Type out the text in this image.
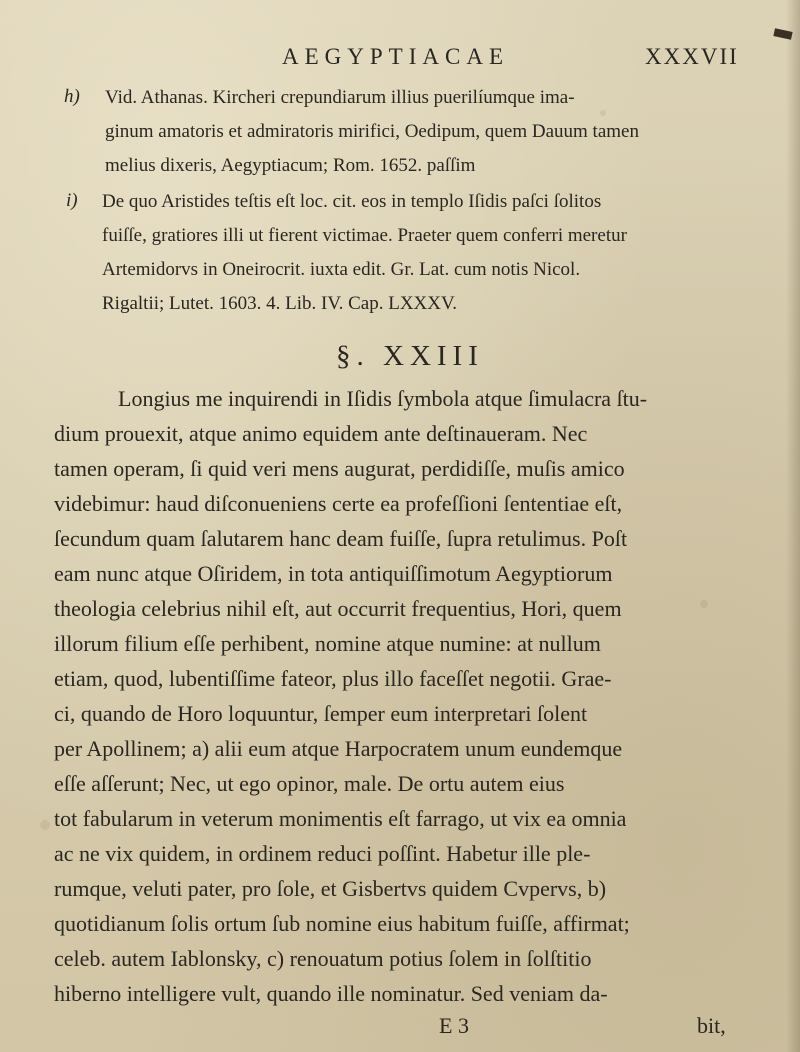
AEGYPTIACAE	XXXVII
h) Vid. Athanas. Kircheri crepundiarum illius puerilíumque ima-
ginum amatoris et admiratoris mirifici, Oedipum, quem Dauum tamen
melius dixeris, Aegyptiacum; Rom. 1652. paſſim
i) De quo Aristides teſtis eſt loc. cit. eos in templo Iſidis paſci ſolitos
fuiſſe, gratiores illi ut fierent victimae. Praeter quem conferri meretur
Artemidorvs in Oneirocrit. iuxta edit. Gr. Lat. cum notis Nicol.
Rigaltii; Lutet. 1603. 4. Lib. IV. Cap. LXXXV.
§. XXIII
Longius me inquirendi in Iſidis ſymbola atque ſimulacra ſtu-
dium prouexit, atque animo equidem ante deſtinaueram. Nec
tamen operam, ſi quid veri mens augurat, perdidiſſe, muſis amico
videbimur: haud diſconueniens certe ea profeſſioni ſententiae eſt,
ſecundum quam ſalutarem hanc deam fuiſſe, ſupra retulimus. Poſt
eam nunc atque Oſiridem, in tota antiquiſſimotum Aegyptiorum
theologia celebrius nihil eſt, aut occurrit frequentius, Hori, quem
illorum filium eſſe perhibent, nomine atque numine: at nullum
etiam, quod, lubentiſſime fateor, plus illo faceſſet negotii. Grae-
ci, quando de Horo loquuntur, ſemper eum interpretari ſolent
per Apollinem; a) alii eum atque Harpocratem unum eundemque
eſſe aſſerunt; Nec, ut ego opinor, male. De ortu autem eius
tot fabularum in veterum monimentis eſt farrago, ut vix ea omnia
ac ne vix quidem, in ordinem reduci poſſint. Habetur ille ple-
rumque, veluti pater, pro ſole, et Gisbertvs quidem Cvpervs, b)
quotidianum ſolis ortum ſub nomine eius habitum fuiſſe, affirmat;
celeb. autem Iablonsky, c) renouatum potius ſolem in ſolſtitio
hiberno intelligere vult, quando ille nominatur. Sed veniam da-
E 3	bit,
